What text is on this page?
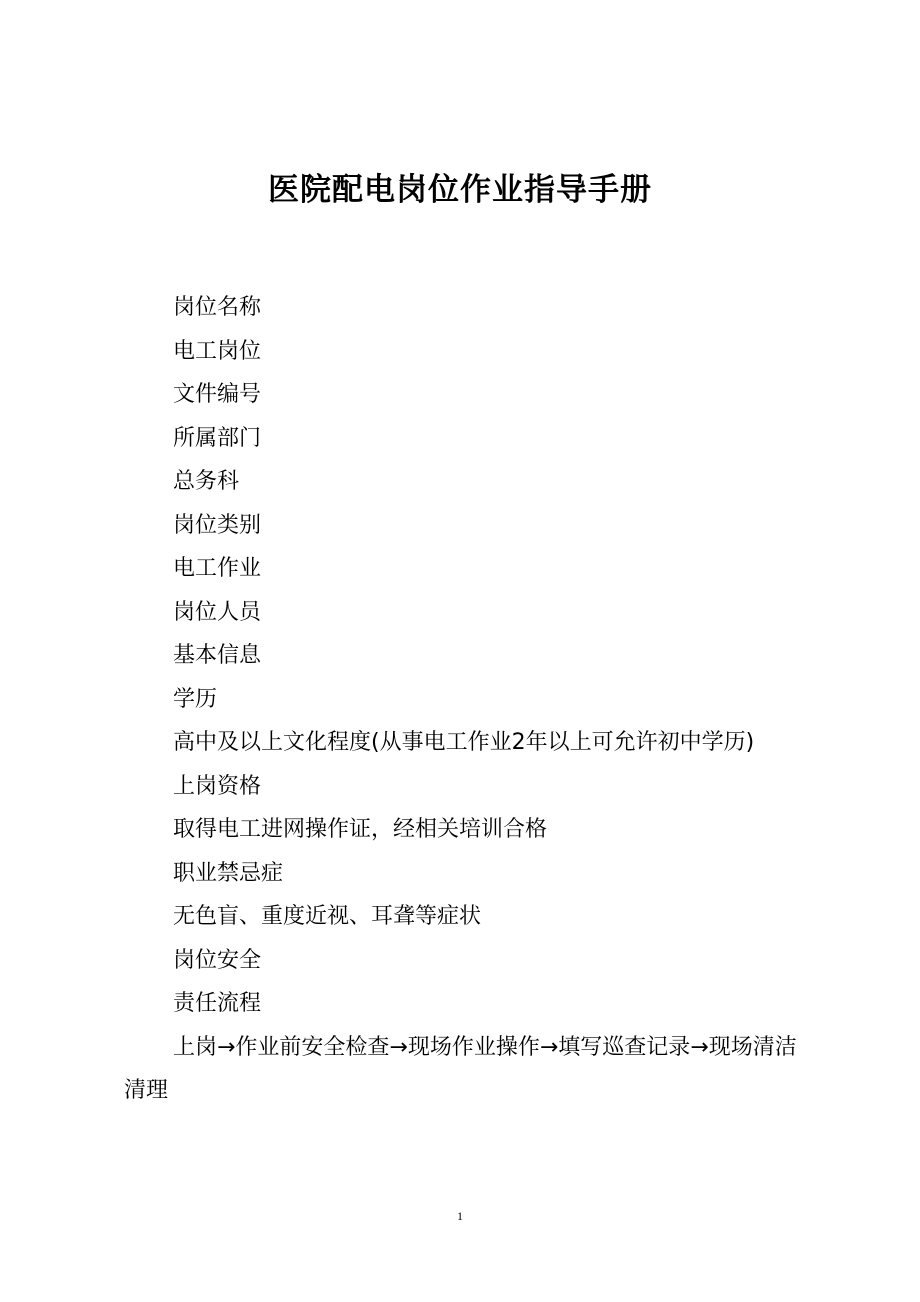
医院配电岗位作业指导手册

岗位名称

电工岗位

文件编号

所属部门

总务科

岗位类别

电工作业

岗位人员

基本信息

学历

高中及以上文化程度(从事电工作业2年以上可允许初中学历)

上岗资格

取得电工进网操作证，经相关培训合格

职业禁忌症

无色盲、重度近视、耳聋等症状

岗位安全

责任流程

上岗→作业前安全检查→现场作业操作→填写巡查记录→现场清洁清理

1
